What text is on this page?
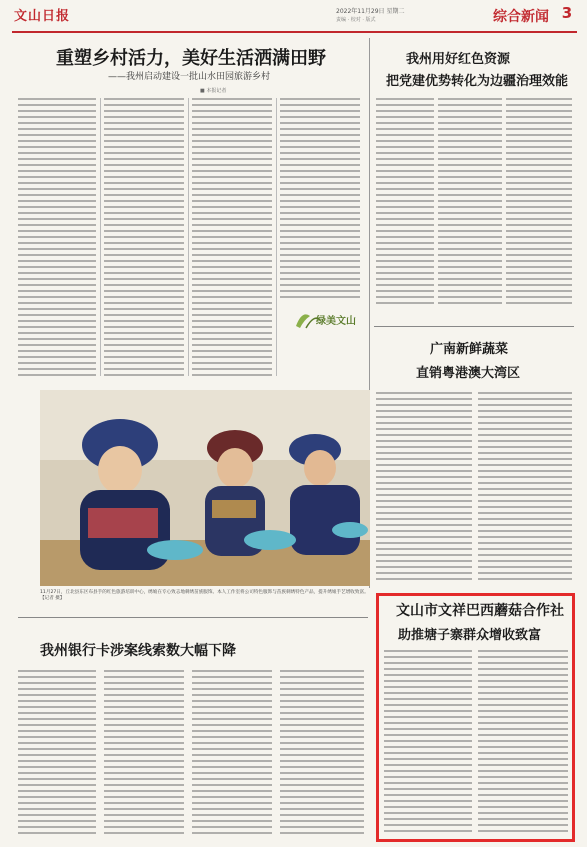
文山日报	2022年11月29日 星期二
责编 · 校对 · 版式	综合新闻 3
重塑乡村活力，美好生活洒满田野
——我州启动建设一批山水田园旅游乡村
■ 本报记者
绿美文山
我州用好红色资源
把党建优势转化为边疆治理效能
广南新鲜蔬菜
直销粤港澳大湾区
11月27日，丘北县东区布县手的红色旅游培训中心，绣娘在专心致志地刺绣苗族服饰。本人工作室将公司特色服饰与苗族刺绣特色产品，提升绣娘手艺增收致富。【记者 摄】
我州银行卡涉案线索数大幅下降
文山市文祥巴西蘑菇合作社
助推塘子寨群众增收致富
